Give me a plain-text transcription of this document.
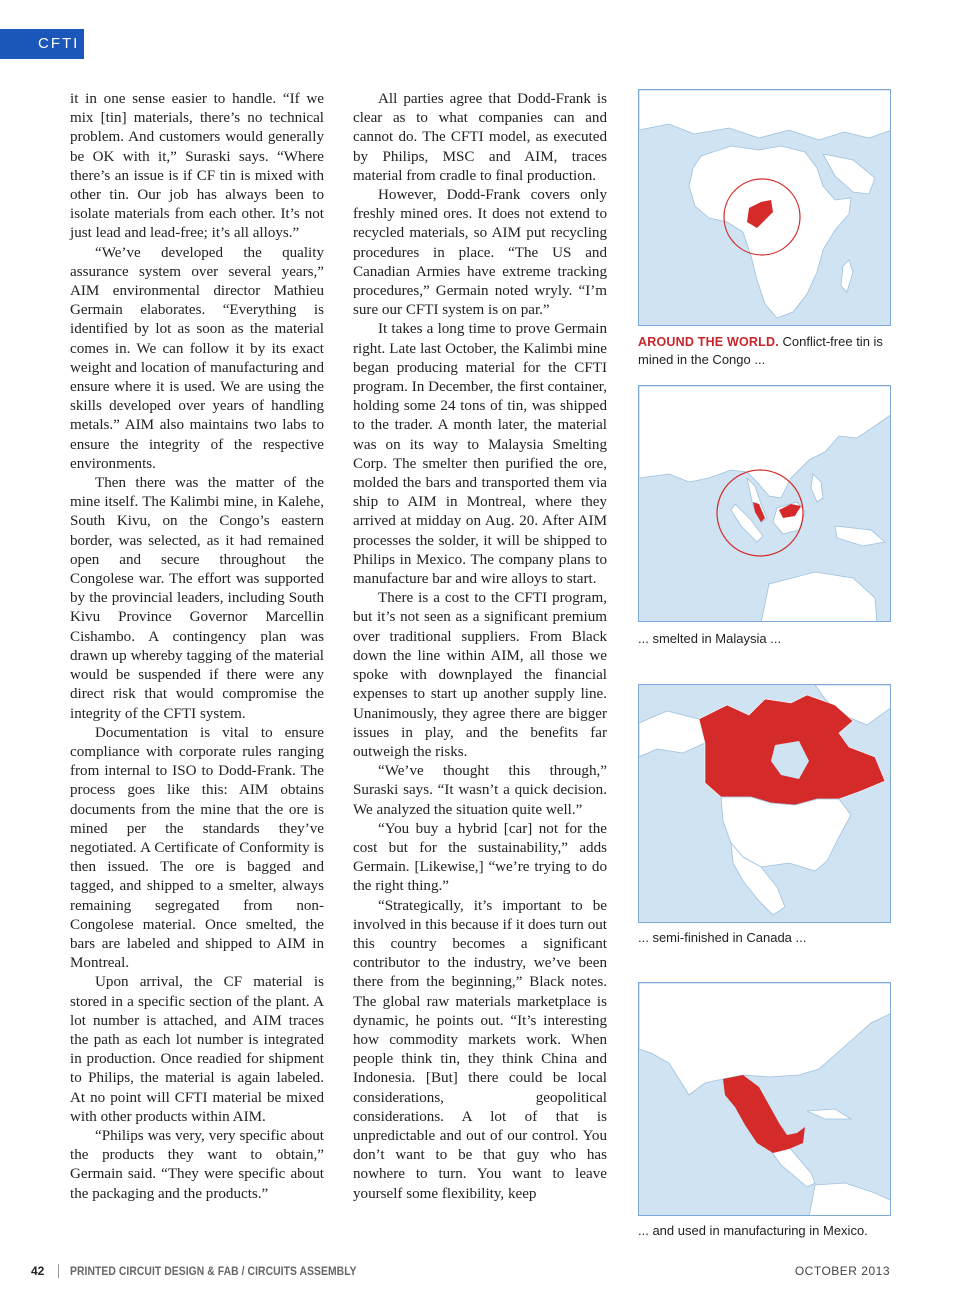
CFTI

it in one sense easier to handle. “If we mix [tin] materials, there’s no technical problem. And customers would generally be OK with it,” Suraski says. “Where there’s an issue is if CF tin is mixed with other tin. Our job has always been to isolate materials from each other. It’s not just lead and lead-free; it’s all alloys.”

“We’ve developed the quality assurance system over several years,” AIM environmental director Mathieu Germain elaborates. “Everything is identified by lot as soon as the material comes in. We can follow it by its exact weight and location of manufacturing and ensure where it is used. We are using the skills developed over years of handling metals.” AIM also maintains two labs to ensure the integrity of the respective environments.

Then there was the matter of the mine itself. The Kalimbi mine, in Kalehe, South Kivu, on the Congo’s eastern border, was selected, as it had remained open and secure throughout the Congolese war. The effort was supported by the provincial leaders, including South Kivu Province Governor Marcellin Cishambo. A contingency plan was drawn up whereby tagging of the material would be suspended if there were any direct risk that would compromise the integrity of the CFTI system.

Documentation is vital to ensure compliance with corporate rules ranging from internal to ISO to Dodd-Frank. The process goes like this: AIM obtains documents from the mine that the ore is mined per the standards they’ve negotiated. A Certificate of Conformity is then issued. The ore is bagged and tagged, and shipped to a smelter, always remaining segregated from non-Congolese material. Once smelted, the bars are labeled and shipped to AIM in Montreal.

Upon arrival, the CF material is stored in a specific section of the plant. A lot number is attached, and AIM traces the path as each lot number is integrated in production. Once readied for shipment to Philips, the material is again labeled. At no point will CFTI material be mixed with other products within AIM.

“Philips was very, very specific about the products they want to obtain,” Germain said. “They were specific about the packaging and the products.”

All parties agree that Dodd-Frank is clear as to what companies can and cannot do. The CFTI model, as executed by Philips, MSC and AIM, traces material from cradle to final production.

However, Dodd-Frank covers only freshly mined ores. It does not extend to recycled materials, so AIM put recycling procedures in place. “The US and Canadian Armies have extreme tracking procedures,” Germain noted wryly. “I’m sure our CFTI system is on par.”

It takes a long time to prove Germain right. Late last October, the Kalimbi mine began producing material for the CFTI program. In December, the first container, holding some 24 tons of tin, was shipped to the trader. A month later, the material was on its way to Malaysia Smelting Corp. The smelter then purified the ore, molded the bars and transported them via ship to AIM in Montreal, where they arrived at midday on Aug. 20. After AIM processes the solder, it will be shipped to Philips in Mexico. The company plans to manufacture bar and wire alloys to start.

There is a cost to the CFTI program, but it’s not seen as a significant premium over traditional suppliers. From Black down the line within AIM, all those we spoke with downplayed the financial expenses to start up another supply line. Unanimously, they agree there are bigger issues in play, and the benefits far outweigh the risks.

“We’ve thought this through,” Suraski says. “It wasn’t a quick decision. We analyzed the situation quite well.”

“You buy a hybrid [car] not for the cost but for the sustainability,” adds Germain. [Likewise,] “we’re trying to do the right thing.”

“Strategically, it’s important to be involved in this because if it does turn out this country becomes a significant contributor to the industry, we’ve been there from the beginning,” Black notes. The global raw materials marketplace is dynamic, he points out. “It’s interesting how commodity markets work. When people think tin, they think China and Indonesia. [But] there could be local considerations, geopolitical considerations. A lot of that is unpredictable and out of our control. You don’t want to be that guy who has nowhere to turn. You want to leave yourself some flexibility, keep

AROUND THE WORLD. Conflict-free tin is mined in the Congo ...
... smelted in Malaysia ...
... semi-finished in Canada ...
... and used in manufacturing in Mexico.
42 PRINTED CIRCUIT DESIGN & FAB / CIRCUITS ASSEMBLY	OCTOBER 2013
